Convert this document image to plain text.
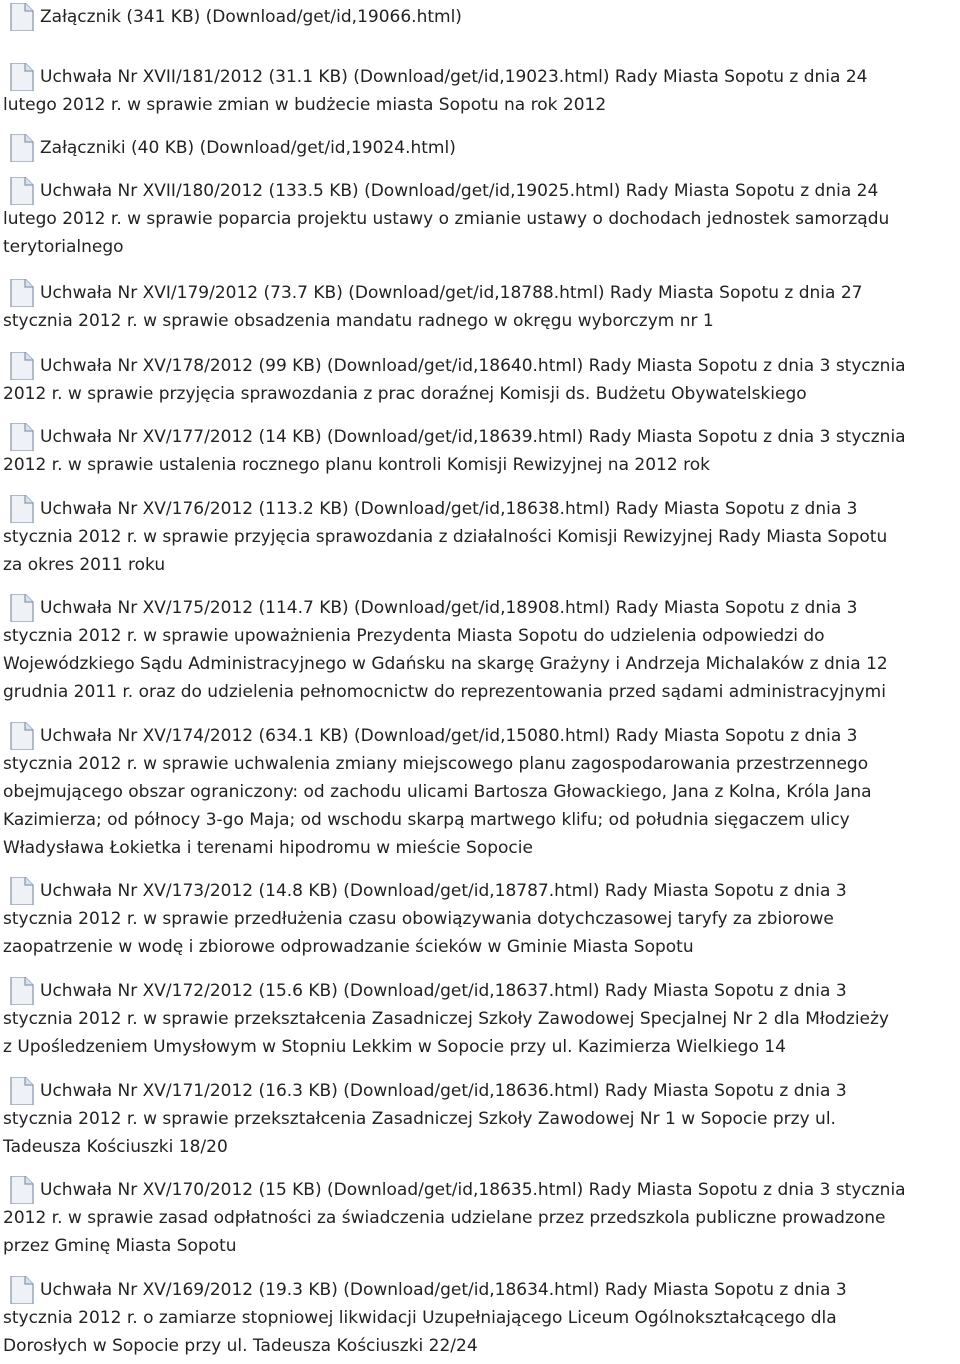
Załącznik (341 KB) (Download/get/id,19066.html)
Uchwała Nr XVII/181/2012 (31.1 KB) (Download/get/id,19023.html) Rady Miasta Sopotu z dnia 24
lutego 2012 r. w sprawie zmian w budżecie miasta Sopotu na rok 2012
Załączniki (40 KB) (Download/get/id,19024.html)
Uchwała Nr XVII/180/2012 (133.5 KB) (Download/get/id,19025.html) Rady Miasta Sopotu z dnia 24
lutego 2012 r. w sprawie poparcia projektu ustawy o zmianie ustawy o dochodach jednostek samorządu
terytorialnego
Uchwała Nr XVI/179/2012 (73.7 KB) (Download/get/id,18788.html) Rady Miasta Sopotu z dnia 27
stycznia 2012 r. w sprawie obsadzenia mandatu radnego w okręgu wyborczym nr 1
Uchwała Nr XV/178/2012 (99 KB) (Download/get/id,18640.html) Rady Miasta Sopotu z dnia 3 stycznia
2012 r. w sprawie przyjęcia sprawozdania z prac doraźnej Komisji ds. Budżetu Obywatelskiego
Uchwała Nr XV/177/2012 (14 KB) (Download/get/id,18639.html) Rady Miasta Sopotu z dnia 3 stycznia
2012 r. w sprawie ustalenia rocznego planu kontroli Komisji Rewizyjnej na 2012 rok
Uchwała Nr XV/176/2012 (113.2 KB) (Download/get/id,18638.html) Rady Miasta Sopotu z dnia 3
stycznia 2012 r. w sprawie przyjęcia sprawozdania z działalności Komisji Rewizyjnej Rady Miasta Sopotu
za okres 2011 roku
Uchwała Nr XV/175/2012 (114.7 KB) (Download/get/id,18908.html) Rady Miasta Sopotu z dnia 3
stycznia 2012 r. w sprawie upoważnienia Prezydenta Miasta Sopotu do udzielenia odpowiedzi do
Wojewódzkiego Sądu Administracyjnego w Gdańsku na skargę Grażyny i Andrzeja Michalaków z dnia 12
grudnia 2011 r. oraz do udzielenia pełnomocnictw do reprezentowania przed sądami administracyjnymi
Uchwała Nr XV/174/2012 (634.1 KB) (Download/get/id,15080.html) Rady Miasta Sopotu z dnia 3
stycznia 2012 r. w sprawie uchwalenia zmiany miejscowego planu zagospodarowania przestrzennego
obejmującego obszar ograniczony: od zachodu ulicami Bartosza Głowackiego, Jana z Kolna, Króla Jana
Kazimierza; od północy 3-go Maja; od wschodu skarpą martwego klifu; od południa sięgaczem ulicy
Władysława Łokietka i terenami hipodromu w mieście Sopocie
Uchwała Nr XV/173/2012 (14.8 KB) (Download/get/id,18787.html) Rady Miasta Sopotu z dnia 3
stycznia 2012 r. w sprawie przedłużenia czasu obowiązywania dotychczasowej taryfy za zbiorowe
zaopatrzenie w wodę i zbiorowe odprowadzanie ścieków w Gminie Miasta Sopotu
Uchwała Nr XV/172/2012 (15.6 KB) (Download/get/id,18637.html) Rady Miasta Sopotu z dnia 3
stycznia 2012 r. w sprawie przekształcenia Zasadniczej Szkoły Zawodowej Specjalnej Nr 2 dla Młodzieży
z Upośledzeniem Umysłowym w Stopniu Lekkim w Sopocie przy ul. Kazimierza Wielkiego 14
Uchwała Nr XV/171/2012 (16.3 KB) (Download/get/id,18636.html) Rady Miasta Sopotu z dnia 3
stycznia 2012 r. w sprawie przekształcenia Zasadniczej Szkoły Zawodowej Nr 1 w Sopocie przy ul.
Tadeusza Kościuszki 18/20
Uchwała Nr XV/170/2012 (15 KB) (Download/get/id,18635.html) Rady Miasta Sopotu z dnia 3 stycznia
2012 r. w sprawie zasad odpłatności za świadczenia udzielane przez przedszkola publiczne prowadzone
przez Gminę Miasta Sopotu
Uchwała Nr XV/169/2012 (19.3 KB) (Download/get/id,18634.html) Rady Miasta Sopotu z dnia 3
stycznia 2012 r. o zamiarze stopniowej likwidacji Uzupełniającego Liceum Ogólnokształcącego dla
Dorosłych w Sopocie przy ul. Tadeusza Kościuszki 22/24
